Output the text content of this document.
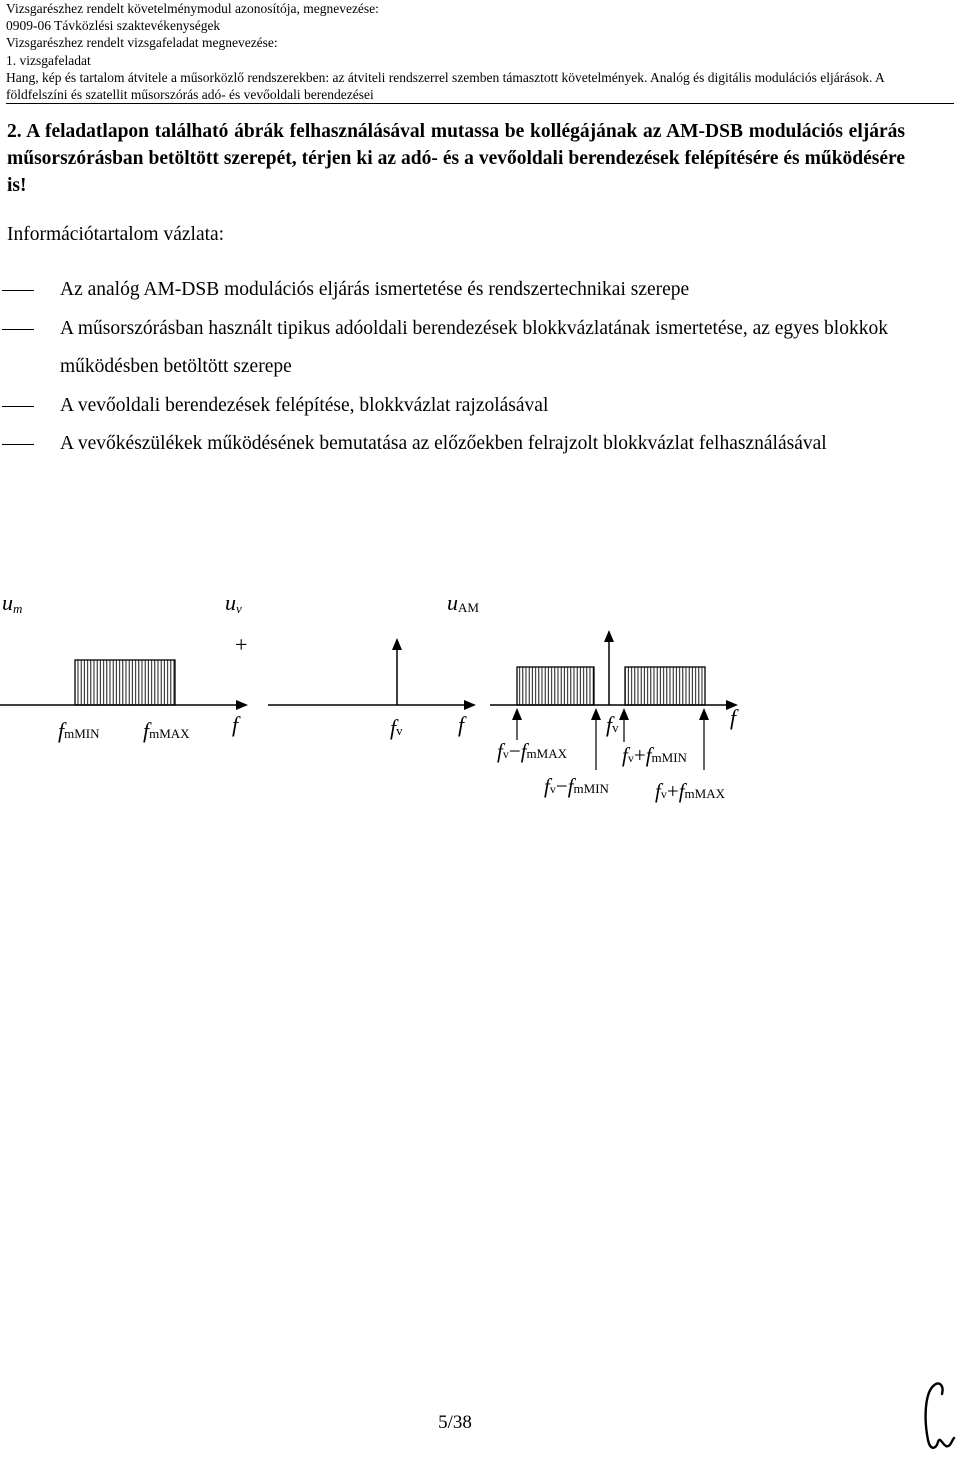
Vizsgarészhez rendelt követelménymodul azonosítója, megnevezése:
0909-06 Távközlési szaktevékenységek
Vizsgarészhez rendelt vizsgafeladat megnevezése:
1. vizsgafeladat
Hang, kép és tartalom átvitele a műsorközlő rendszerekben: az átviteli rendszerrel szemben támasztott követelmények. Analóg és digitális modulációs eljárások. A földfelszíni és szatellit műsorszórás adó- és vevőoldali berendezései
2. A feladatlapon található ábrák felhasználásával mutassa be kollégájának az AM-DSB modulációs eljárás műsorszórásban betöltött szerepét, térjen ki az adó- és a vevőoldali berendezések felépítésére és működésére is!
Információtartalom vázlata:
Az analóg AM-DSB modulációs eljárás ismertetése és rendszertechnikai szerepe
A műsorszórásban használt tipikus adóoldali berendezések blokkvázlatának ismertetése, az egyes blokkok működésben betöltött szerepe
A vevőoldali berendezések felépítése, blokkvázlat rajzolásával
A vevőkészülékek működésének bemutatása az előzőekben felrajzolt blokkvázlat felhasználásával
um
f
fmMIN fmMAX
uv
+
fv	f
uAM
f
fv
fv−fmMAX	fv+fmMIN
fv−fmMIN fv+fmMAX
5/38
